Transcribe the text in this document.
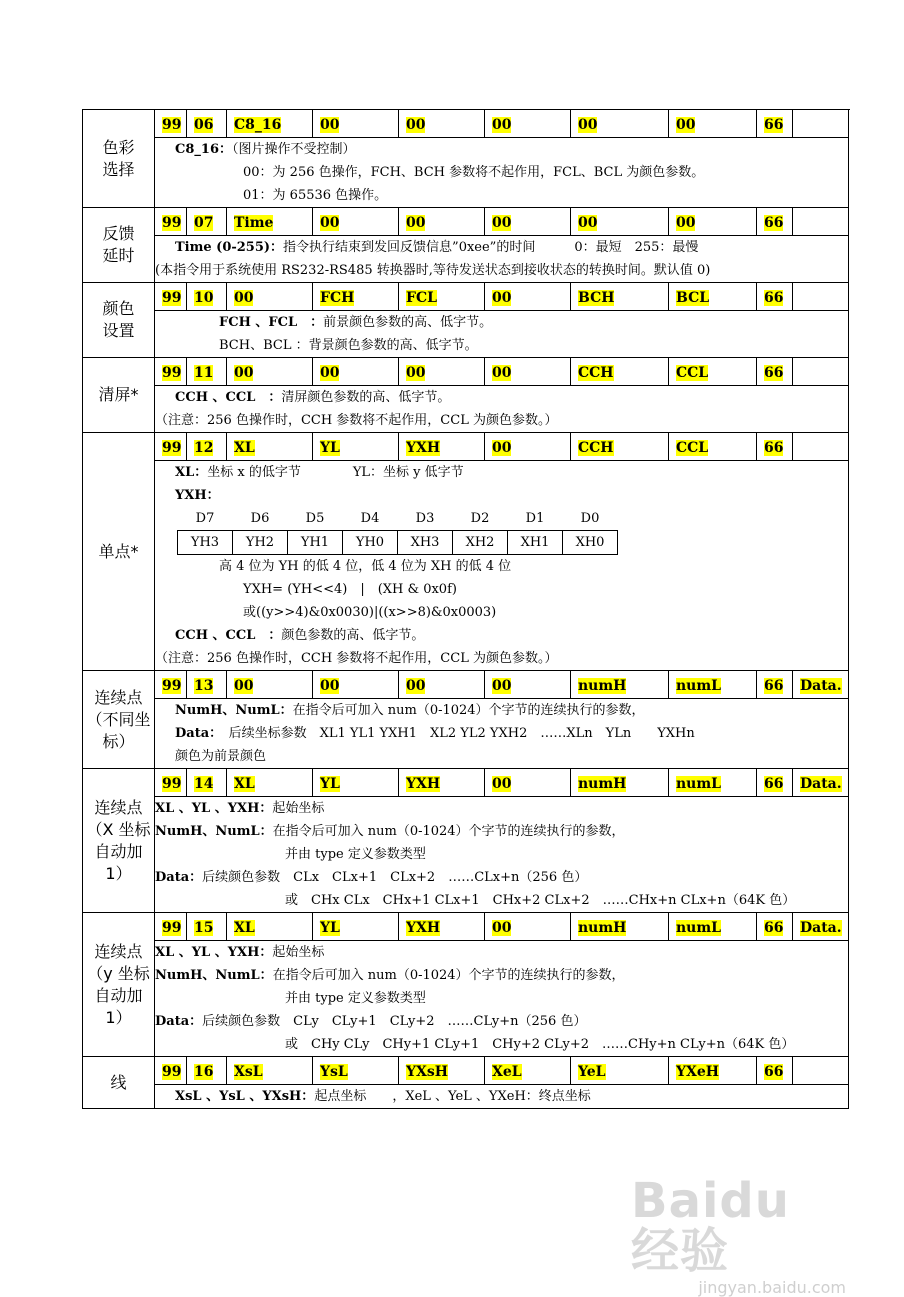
色彩
选择	99	06	C8_16	00	00	00	00	00	66	

C8_16：（图片操作不受控制）
00：为 256 色操作，FCH、BCH 参数将不起作用，FCL、BCL 为颜色参数。
01：为 65536 色操作。

反馈
延时	99	07	Time	00	00	00	00	00	66	

Time (0-255)：指令执行结束到发回反馈信息”0xee”的时间　　　0：最短　255：最慢
(本指令用于系统使用 RS232-RS485 转换器时,等待发送状态到接收状态的转换时间。默认值 0)

颜色
设置	99	10	00	FCH	FCL	00	BCH	BCL	66	

FCH 、FCL　：前景颜色参数的高、低字节。
BCH、BCL ：背景颜色参数的高、低字节。

清屏*	99	11	00	00	00	00	CCH	CCL	66	

CCH 、CCL　：清屏颜色参数的高、低字节。
（注意：256 色操作时，CCH 参数将不起作用，CCL 为颜色参数。）

单点*	99	12	XL	YL	YXH	00	CCH	CCL	66	

XL：坐标 x 的低字节　　　　YL：坐标 y 低字节
YXH：
D7	D6	D5	D4	D3	D2	D1	D0
YH3	YH2	YH1	YH0	XH3	XH2	XH1	XH0
高 4 位为 YH 的低 4 位，低 4 位为 XH 的低 4 位
YXH= (YH<<4)　|　(XH & 0x0f)
或((y>>4)&0x0030)|((x>>8)&0x0003)
CCH 、CCL　：颜色参数的高、低字节。
（注意：256 色操作时，CCH 参数将不起作用，CCL 为颜色参数。）

连续点（不同坐标）	99	13	00	00	00	00	numH	numL	66	Data.

NumH、NumL：在指令后可加入 num（0-1024）个字节的连续执行的参数，
Data：　后续坐标参数　XL1 YL1 YXH1　XL2 YL2 YXH2　……XLn　YLn　　YXHn
颜色为前景颜色

连续点（X 坐标自动加 1）	99	14	XL	YL	YXH	00	numH	numL	66	Data.

XL 、YL 、YXH：起始坐标
NumH、NumL：在指令后可加入 num（0-1024）个字节的连续执行的参数，
并由 type 定义参数类型
Data：后续颜色参数　CLx　CLx+1　CLx+2　……CLx+n（256 色）
或　CHx CLx　CHx+1 CLx+1　CHx+2 CLx+2　……CHx+n CLx+n（64K 色）

连续点（y 坐标自动加 1）	99	15	XL	YL	YXH	00	numH	numL	66	Data.

XL 、YL 、YXH：起始坐标
NumH、NumL：在指令后可加入 num（0-1024）个字节的连续执行的参数，
并由 type 定义参数类型
Data：后续颜色参数　CLy　CLy+1　CLy+2　……CLy+n（256 色）
或　CHy CLy　CHy+1 CLy+1　CHy+2 CLy+2　……CHy+n CLy+n（64K 色）

线	99	16	XsL	YsL	YXsH	XeL	YeL	YXeH	66	

XsL 、YsL 、YXsH：起点坐标　　，XeL 、YeL 、YXeH：终点坐标
Baidu 经验
jingyan.baidu.com
